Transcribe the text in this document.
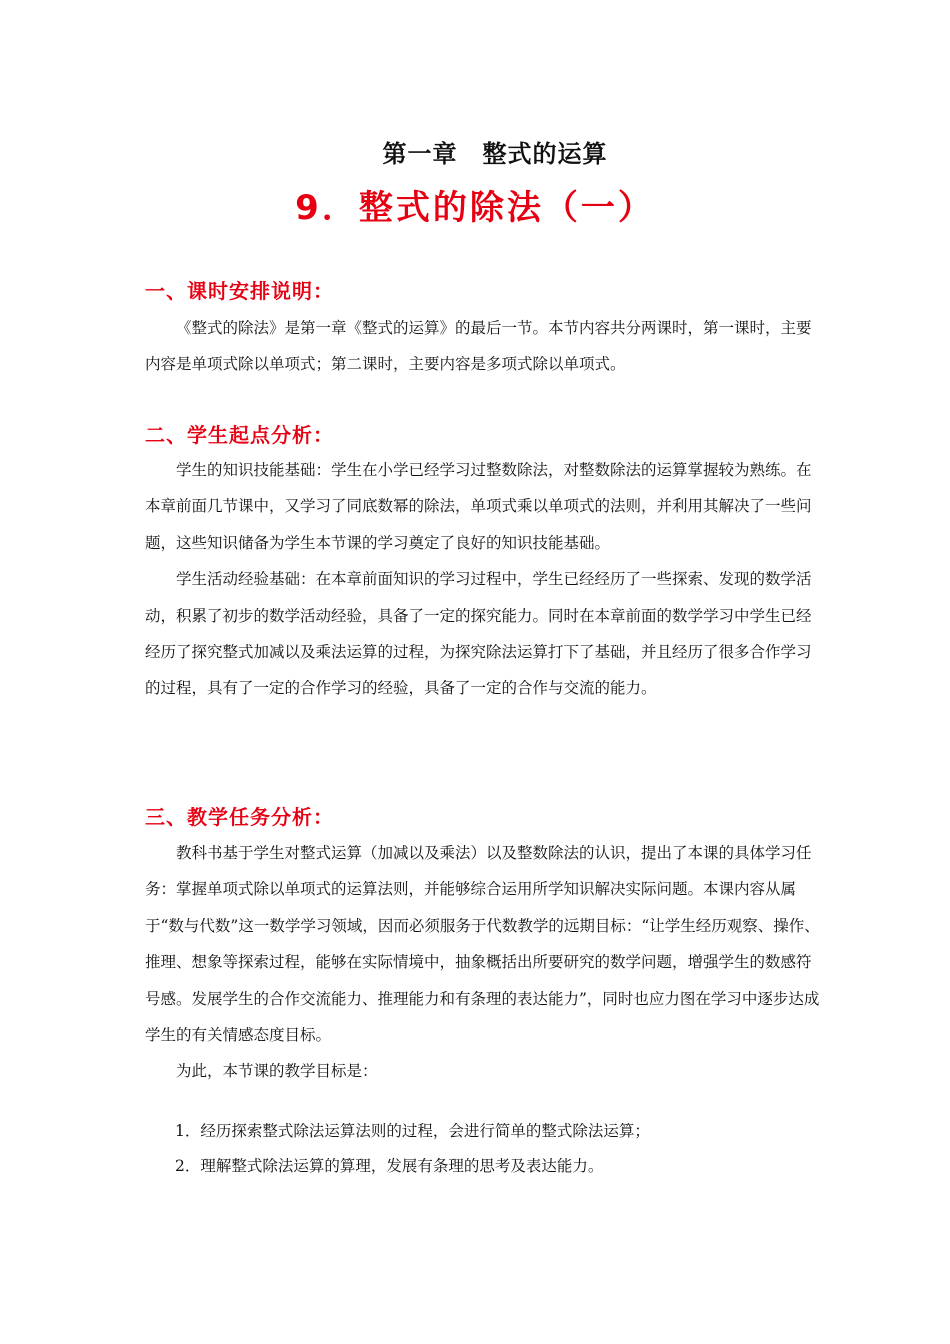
第一章　整式的运算
9．整式的除法（一）
一、课时安排说明：

《整式的除法》是第一章《整式的运算》的最后一节。本节内容共分两课时，第一课时，主要内容是单项式除以单项式；第二课时，主要内容是多项式除以单项式。

二、学生起点分析：

学生的知识技能基础：学生在小学已经学习过整数除法，对整数除法的运算掌握较为熟练。在本章前面几节课中，又学习了同底数幂的除法，单项式乘以单项式的法则，并利用其解决了一些问题，这些知识储备为学生本节课的学习奠定了良好的知识技能基础。

学生活动经验基础：在本章前面知识的学习过程中，学生已经经历了一些探索、发现的数学活动，积累了初步的数学活动经验，具备了一定的探究能力。同时在本章前面的数学学习中学生已经经历了探究整式加减以及乘法运算的过程，为探究除法运算打下了基础，并且经历了很多合作学习的过程，具有了一定的合作学习的经验，具备了一定的合作与交流的能力。

三、教学任务分析：

教科书基于学生对整式运算（加减以及乘法）以及整数除法的认识，提出了本课的具体学习任务：掌握单项式除以单项式的运算法则，并能够综合运用所学知识解决实际问题。本课内容从属于“数与代数”这一数学学习领域，因而必须服务于代数教学的远期目标：“让学生经历观察、操作、推理、想象等探索过程，能够在实际情境中，抽象概括出所要研究的数学问题，增强学生的数感符号感。发展学生的合作交流能力、推理能力和有条理的表达能力”，同时也应力图在学习中逐步达成学生的有关情感态度目标。

为此，本节课的教学目标是：

1．经历探索整式除法运算法则的过程，会进行简单的整式除法运算；
2．理解整式除法运算的算理，发展有条理的思考及表达能力。
